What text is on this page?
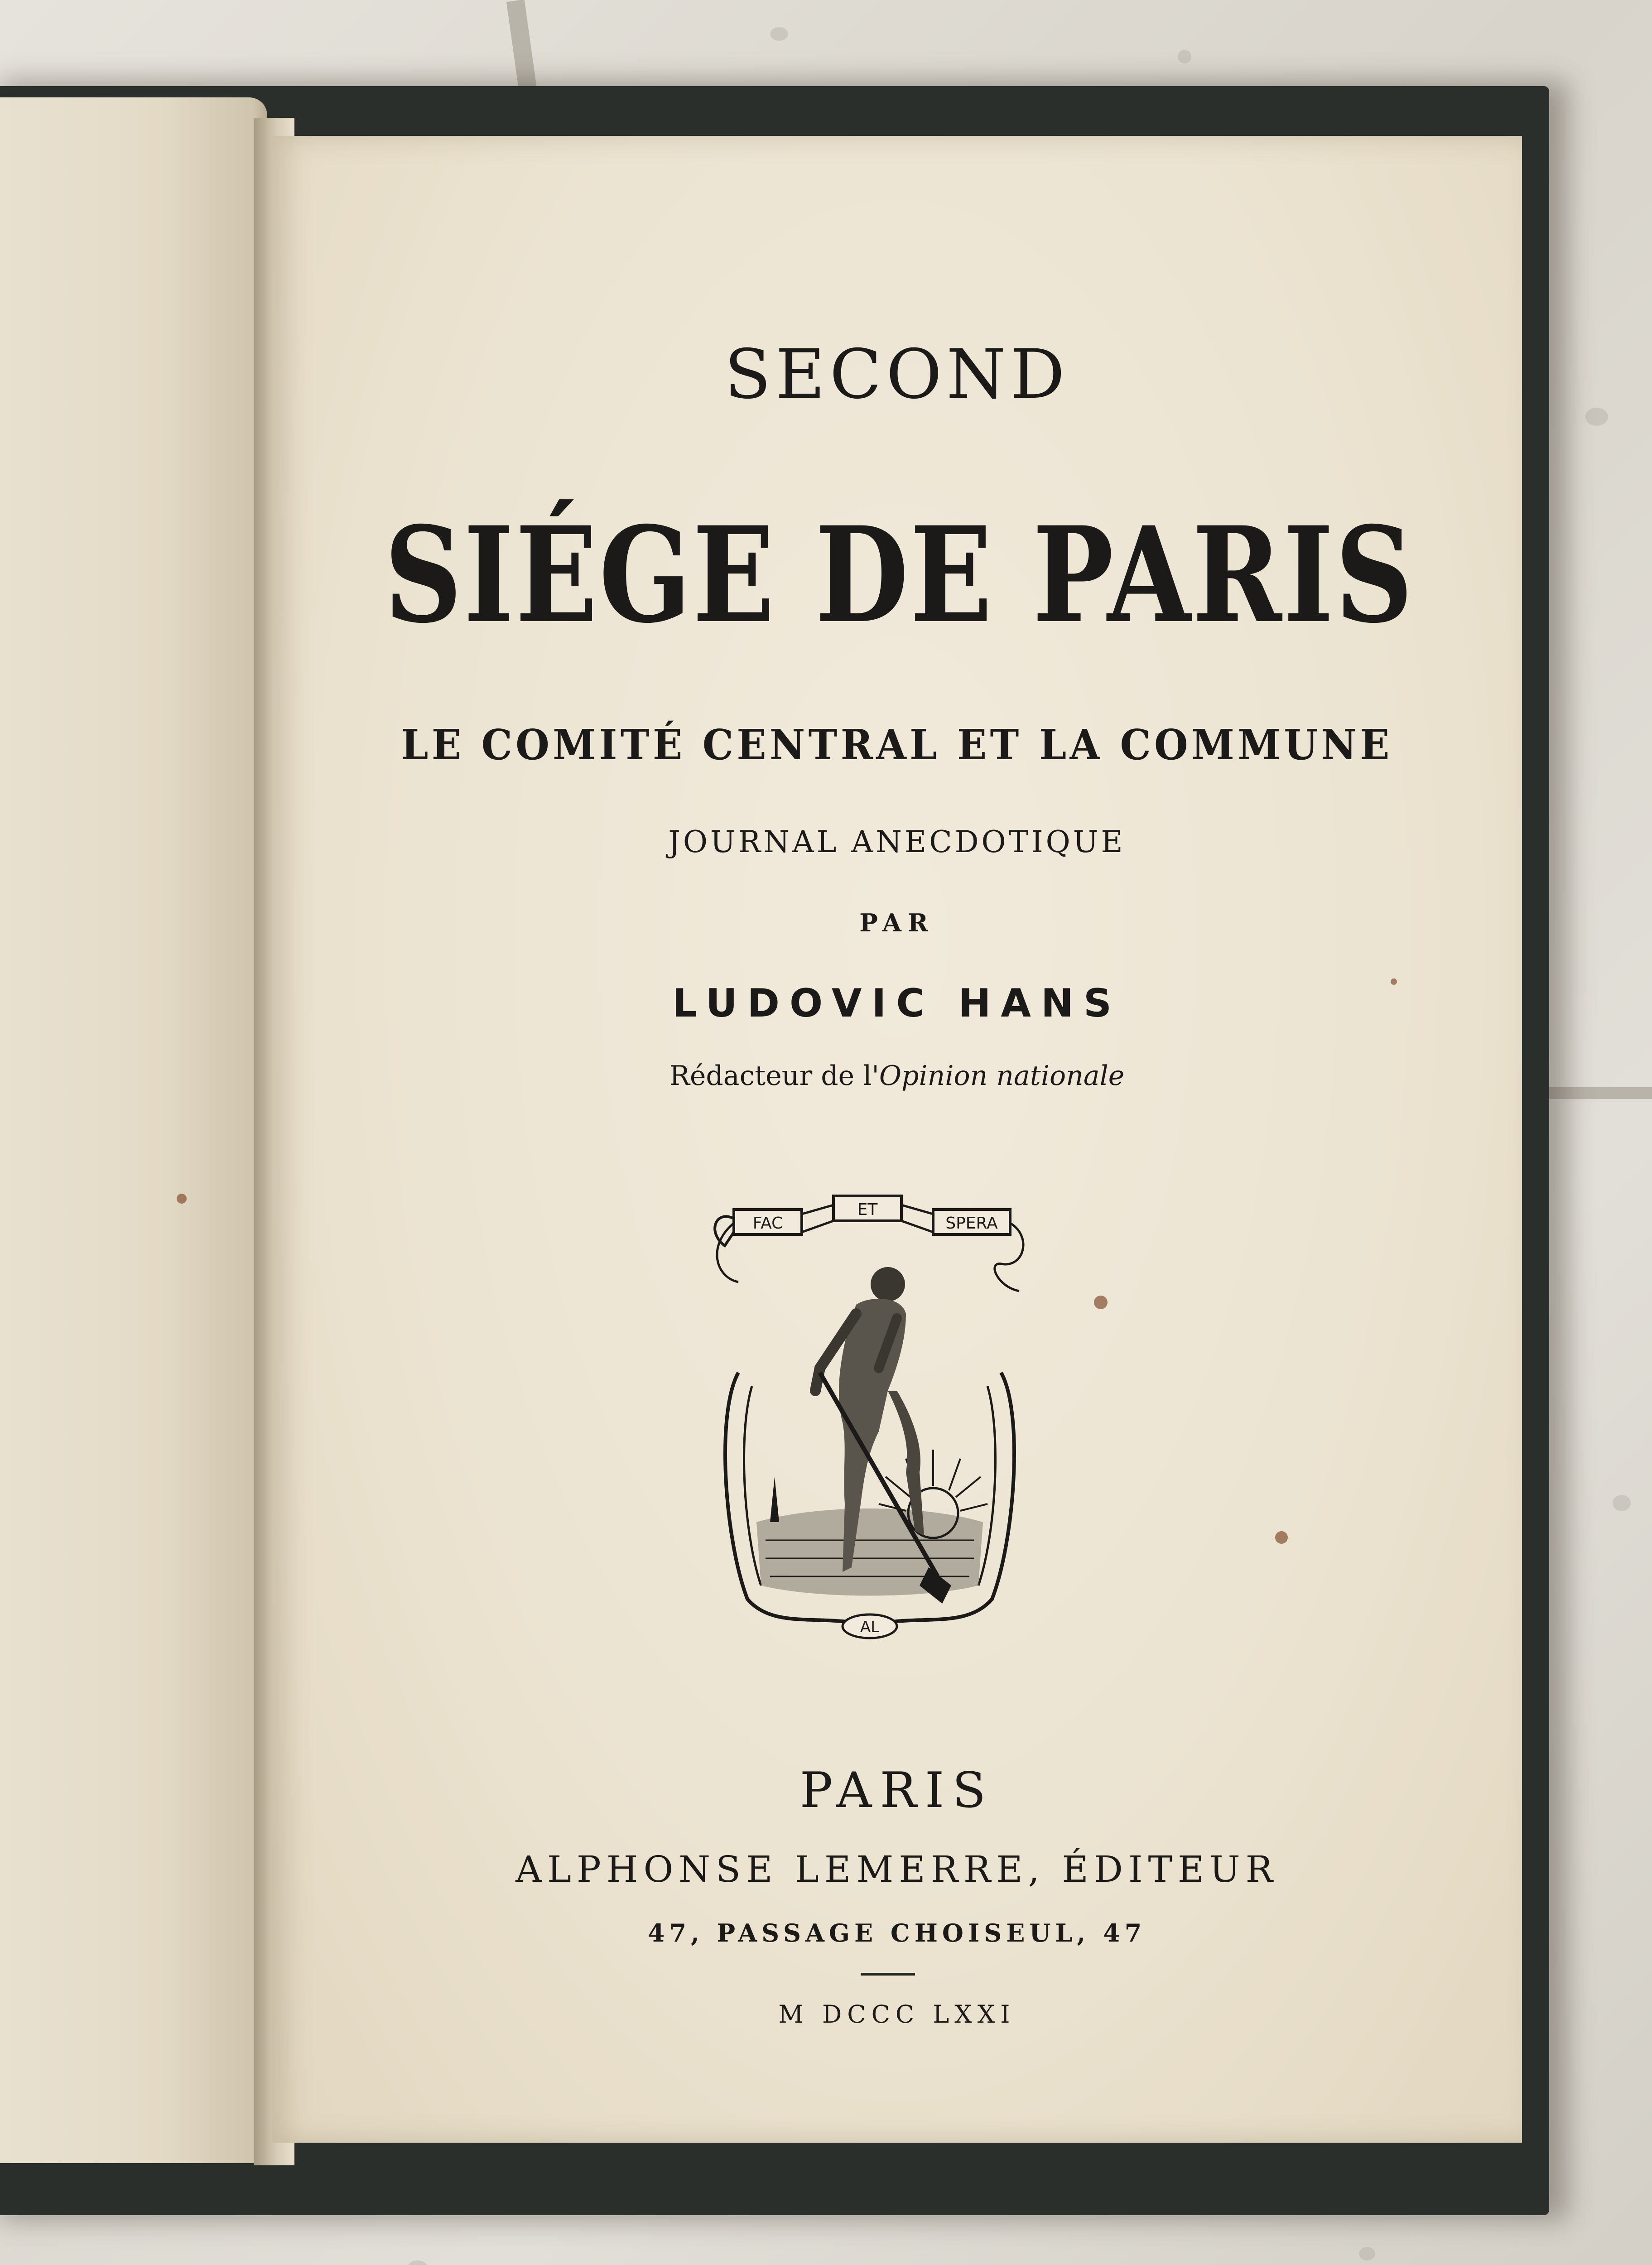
SECOND

SIÉGE DE PARIS

LE COMITÉ CENTRAL ET LA COMMUNE

JOURNAL ANECDOTIQUE

PAR

LUDOVIC HANS

Rédacteur de l'Opinion nationale

FAC
ET
SPERA
AL

PARIS

ALPHONSE LEMERRE, ÉDITEUR

47, PASSAGE CHOISEUL, 47

M DCCC LXXI
